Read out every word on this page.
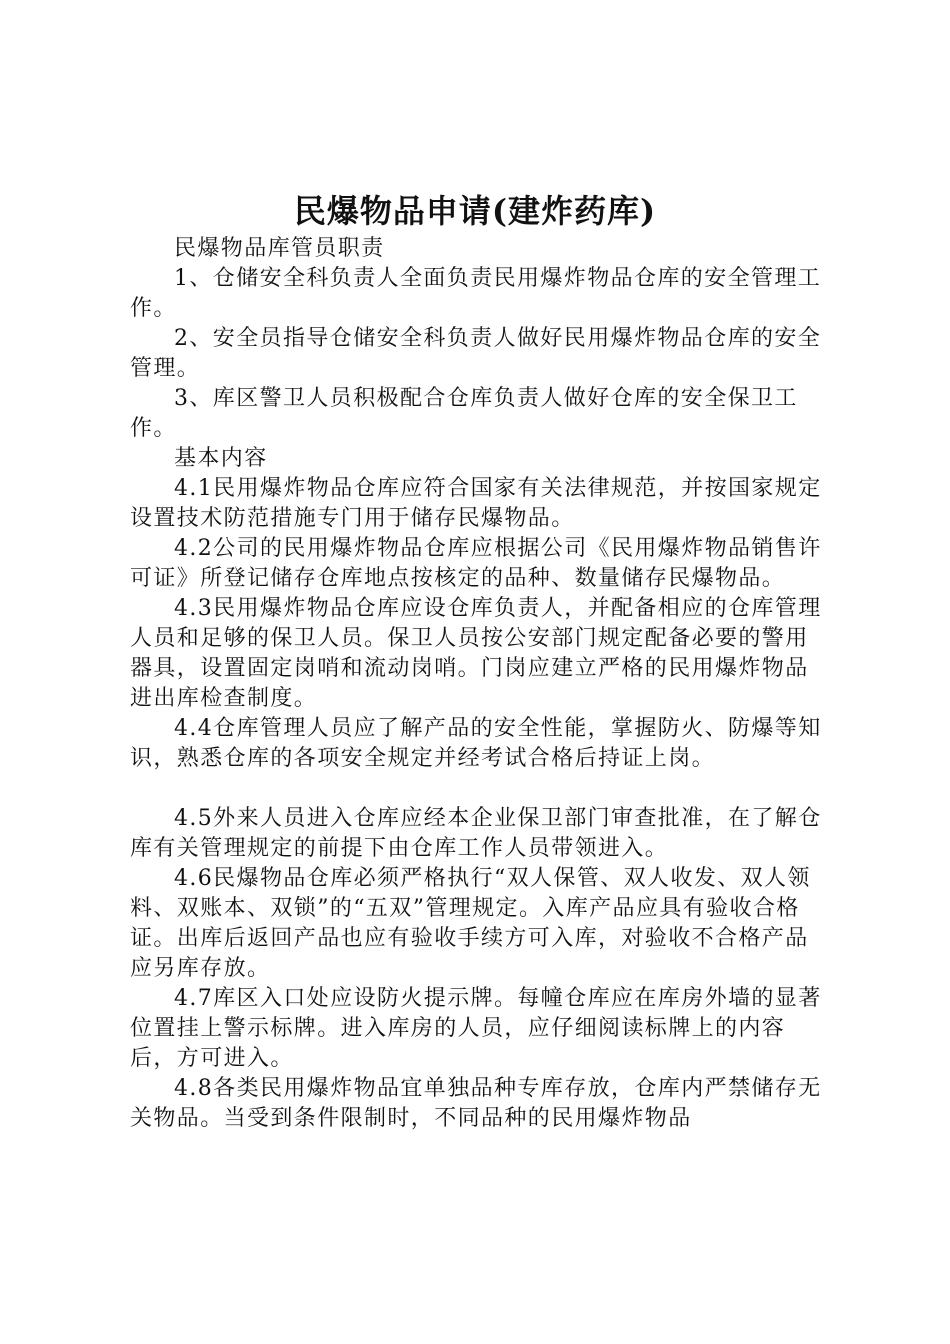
民爆物品申请(建炸药库)

民爆物品库管员职责

1、仓储安全科负责人全面负责民用爆炸物品仓库的安全管理工作。

2、安全员指导仓储安全科负责人做好民用爆炸物品仓库的安全管理。

3、库区警卫人员积极配合仓库负责人做好仓库的安全保卫工作。

基本内容

4.1民用爆炸物品仓库应符合国家有关法律规范，并按国家规定设置技术防范措施专门用于储存民爆物品。

4.2公司的民用爆炸物品仓库应根据公司《民用爆炸物品销售许可证》所登记储存仓库地点按核定的品种、数量储存民爆物品。

4.3民用爆炸物品仓库应设仓库负责人，并配备相应的仓库管理人员和足够的保卫人员。保卫人员按公安部门规定配备必要的警用器具，设置固定岗哨和流动岗哨。门岗应建立严格的民用爆炸物品进出库检查制度。

4.4仓库管理人员应了解产品的安全性能，掌握防火、防爆等知识，熟悉仓库的各项安全规定并经考试合格后持证上岗。

4.5外来人员进入仓库应经本企业保卫部门审查批准，在了解仓库有关管理规定的前提下由仓库工作人员带领进入。

4.6民爆物品仓库必须严格执行“双人保管、双人收发、双人领料、双账本、双锁”的“五双”管理规定。入库产品应具有验收合格证。出库后返回产品也应有验收手续方可入库，对验收不合格产品应另库存放。

4.7库区入口处应设防火提示牌。每幢仓库应在库房外墙的显著位置挂上警示标牌。进入库房的人员，应仔细阅读标牌上的内容后，方可进入。

4.8各类民用爆炸物品宜单独品种专库存放，仓库内严禁储存无关物品。当受到条件限制时，不同品种的民用爆炸物品
